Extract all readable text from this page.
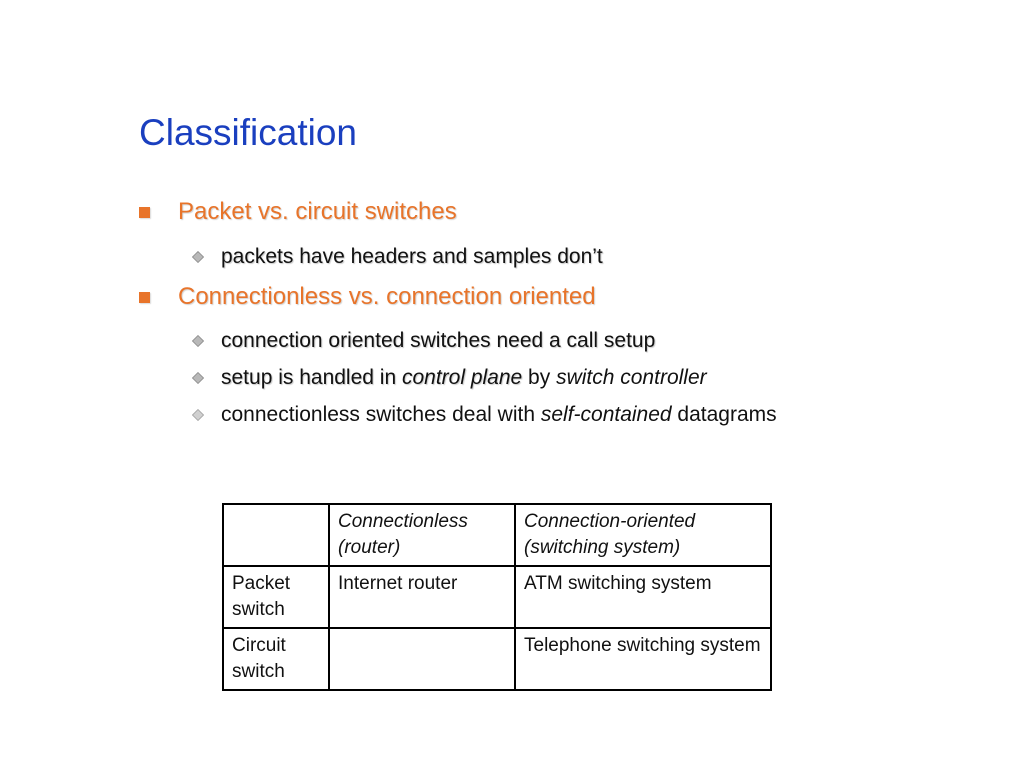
Classification
Packet vs. circuit switches
packets have headers and samples don’t
Connectionless vs. connection oriented
connection oriented switches need a call setup
setup is handled in control plane by switch controller
connectionless switches deal with self-contained datagrams
	Connectionless (router)	Connection-oriented (switching system)
Packet switch	Internet router	ATM switching system
Circuit switch		Telephone switching system
